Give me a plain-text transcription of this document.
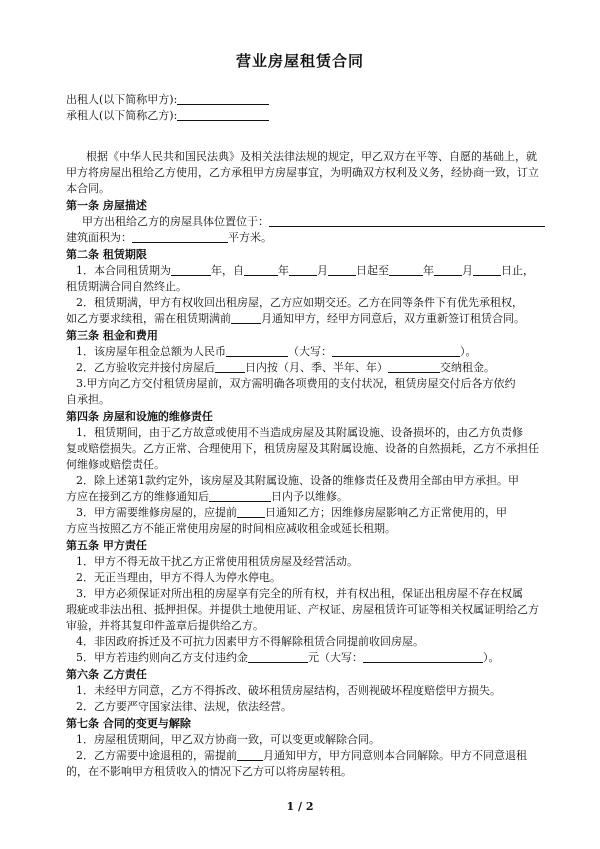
营业房屋租赁合同
出租人(以下简称甲方):
承租人(以下简称乙方):
根据《中华人民共和国民法典》及相关法律法规的规定，甲乙双方在平等、自愿的基础上，就
甲方将房屋出租给乙方使用，乙方承租甲方房屋事宜，为明确双方权利及义务，经协商一致，订立
本合同。
第一条 房屋描述
甲方出租给乙方的房屋具体位置位于：
建筑面积为：	平方米。
第二条 租赁期限
1．本合同租赁期为	年，自	年	月	日起至	年	月	日止，
租赁期满合同自然终止。
2．租赁期满，甲方有权收回出租房屋，乙方应如期交还。乙方在同等条件下有优先承租权，
如乙方要求续租，需在租赁期满前	月通知甲方，经甲方同意后，双方重新签订租赁合同。
第三条 租金和费用
1．该房屋年租金总额为人民币	（大写：	）。
2．乙方验收完并接付房屋后	日内按（月、季、半年、年）	交纳租金。
3.甲方向乙方交付租赁房屋前，双方需明确各项费用的支付状况，租赁房屋交付后各方依约
自承担。
第四条 房屋和设施的维修责任
1．租赁期间，由于乙方故意或使用不当造成房屋及其附属设施、设备损坏的，由乙方负责修
复或赔偿损失。乙方正常、合理使用下，租赁房屋及其附属设施、设备的自然损耗，乙方不承担任
何维修或赔偿责任。
2．除上述第1款约定外，该房屋及其附属设施、设备的维修责任及费用全部由甲方承担。甲
方应在接到乙方的维修通知后	日内予以维修。
3．甲方需要维修房屋的，应提前	日通知乙方；因维修房屋影响乙方正常使用的，甲
方应当按照乙方不能正常使用房屋的时间相应减收租金或延长租期。
第五条 甲方责任
1．甲方不得无故干扰乙方正常使用租赁房屋及经营活动。
2．无正当理由，甲方不得人为停水停电。
3．甲方必须保证对所出租的房屋享有完全的所有权，并有权出租，保证出租房屋不存在权属
瑕疵或非法出租、抵押担保。并提供土地使用证、产权证、房屋租赁许可证等相关权属证明给乙方
审验，并将其复印件盖章后提供给乙方。
4．非因政府拆迁及不可抗力因素甲方不得解除租赁合同提前收回房屋。
5．甲方若违约则向乙方支付违约金	元（大写：	）。
第六条 乙方责任
1．未经甲方同意，乙方不得拆改、破坏租赁房屋结构，否则视破坏程度赔偿甲方损失。
2．乙方要严守国家法律、法规，依法经营。
第七条 合同的变更与解除
1．房屋租赁期间，甲乙双方协商一致，可以变更或解除合同。
2．乙方需要中途退租的，需提前 月通知甲方，甲方同意则本合同解除。甲方不同意退租
的，在不影响甲方租赁收入的情况下乙方可以将房屋转租。
1 / 2
